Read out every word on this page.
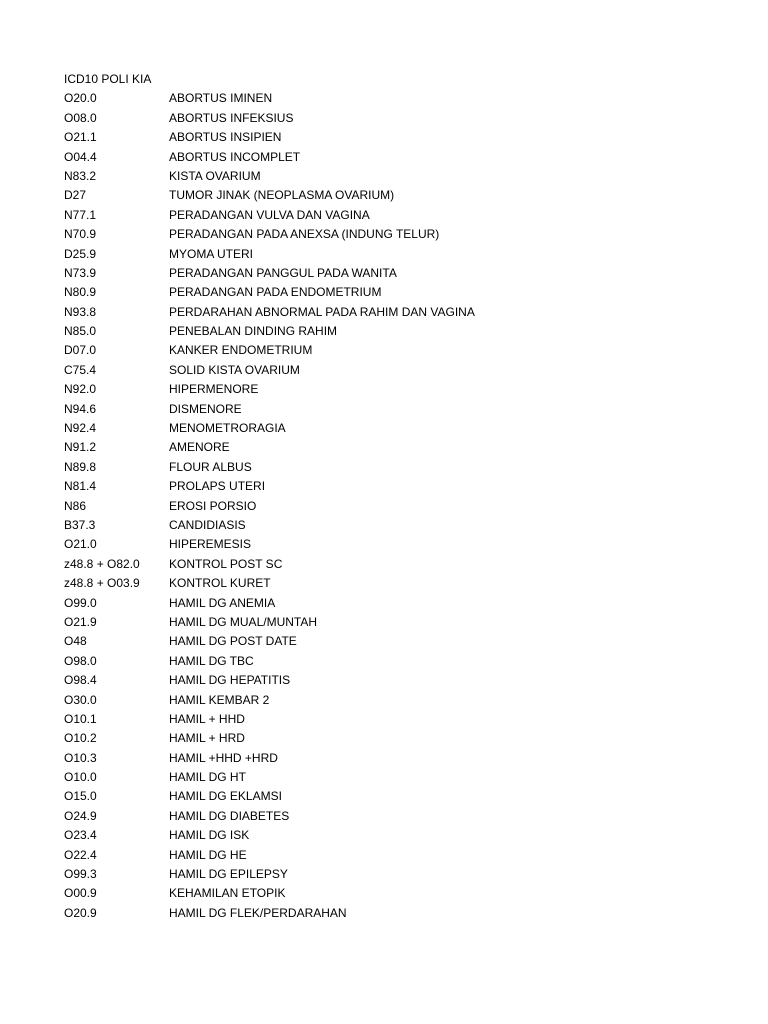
ICD10 POLI KIA
O20.0	ABORTUS IMINEN
O08.0	ABORTUS INFEKSIUS
O21.1	ABORTUS INSIPIEN
O04.4	ABORTUS INCOMPLET
N83.2	KISTA OVARIUM
D27	TUMOR JINAK (NEOPLASMA OVARIUM)
N77.1	PERADANGAN VULVA DAN VAGINA
N70.9	PERADANGAN PADA ANEXSA (INDUNG TELUR)
D25.9	MYOMA UTERI
N73.9	PERADANGAN PANGGUL PADA WANITA
N80.9	PERADANGAN PADA ENDOMETRIUM
N93.8	PERDARAHAN ABNORMAL PADA RAHIM DAN VAGINA
N85.0	PENEBALAN DINDING RAHIM
D07.0	KANKER ENDOMETRIUM
C75.4	SOLID KISTA OVARIUM
N92.0	HIPERMENORE
N94.6	DISMENORE
N92.4	MENOMETRORAGIA
N91.2	AMENORE
N89.8	FLOUR ALBUS
N81.4	PROLAPS UTERI
N86	EROSI PORSIO
B37.3	CANDIDIASIS
O21.0	HIPEREMESIS
z48.8 + O82.0	KONTROL POST SC
z48.8 + O03.9	KONTROL KURET
O99.0	HAMIL DG ANEMIA
O21.9	HAMIL DG MUAL/MUNTAH
O48	HAMIL DG POST DATE
O98.0	HAMIL DG TBC
O98.4	HAMIL DG HEPATITIS
O30.0	HAMIL KEMBAR 2
O10.1	HAMIL + HHD
O10.2	HAMIL + HRD
O10.3	HAMIL +HHD +HRD
O10.0	HAMIL DG HT
O15.0	HAMIL DG EKLAMSI
O24.9	HAMIL DG DIABETES
O23.4	HAMIL DG ISK
O22.4	HAMIL DG HE
O99.3	HAMIL DG EPILEPSY
O00.9	KEHAMILAN ETOPIK
O20.9	HAMIL DG FLEK/PERDARAHAN
